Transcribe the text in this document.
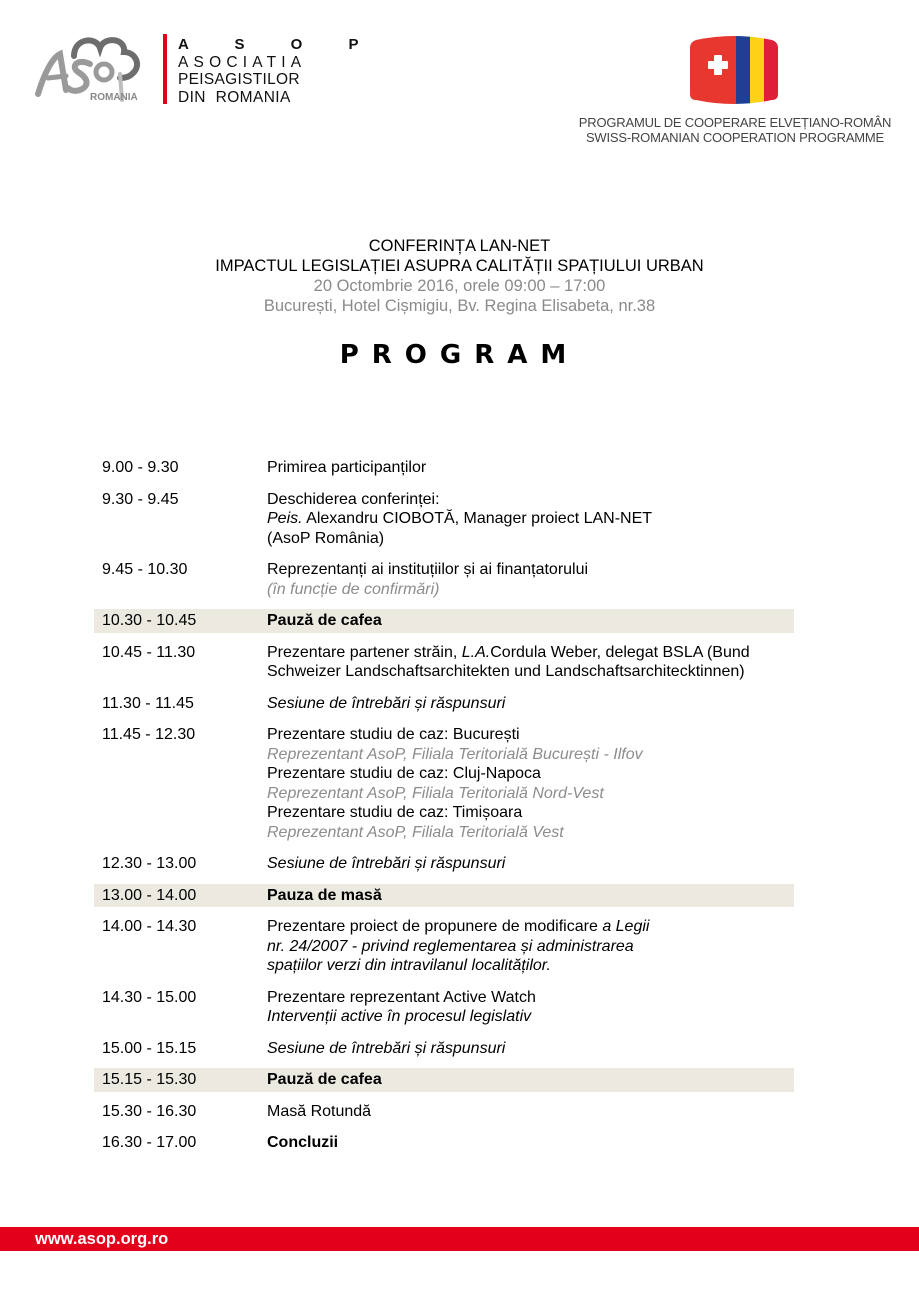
ROMANIA
A S O P
ASOCIATIA
PEISAGISTILOR
DIN ROMANIA
PROGRAMUL DE COOPERARE ELVEȚIANO-ROMÂN
SWISS-ROMANIAN COOPERATION PROGRAMME
CONFERINȚA LAN-NET
IMPACTUL LEGISLAȚIEI ASUPRA CALITĂȚII SPAȚIULUI URBAN
20 Octombrie 2016, orele 09:00 – 17:00
București, Hotel Cișmigiu, Bv. Regina Elisabeta, nr.38
PROGRAM
9.00 - 9.30	Primirea participanților
9.30 - 9.45	Deschiderea conferinței:
Peis. Alexandru CIOBOTĂ, Manager proiect LAN-NET
(AsoP România)
9.45 - 10.30	Reprezentanți ai instituțiilor și ai finanțatorului
(în funcție de confirmări)
10.30 - 10.45	Pauză de cafea
10.45 - 11.30	Prezentare partener străin, L.A.Cordula Weber, delegat BSLA (Bund
Schweizer Landschaftsarchitekten und Landschaftsarchitecktinnen)
11.30 - 11.45	Sesiune de întrebări și răspunsuri
11.45 - 12.30	Prezentare studiu de caz: București
Reprezentant AsoP, Filiala Teritorială București - Ilfov
Prezentare studiu de caz: Cluj-Napoca
Reprezentant AsoP, Filiala Teritorială Nord-Vest
Prezentare studiu de caz: Timișoara
Reprezentant AsoP, Filiala Teritorială Vest
12.30 - 13.00	Sesiune de întrebări și răspunsuri
13.00 - 14.00	Pauza de masă
14.00 - 14.30	Prezentare proiect de propunere de modificare a Legii
nr. 24/2007 - privind reglementarea și administrarea
spațiilor verzi din intravilanul localităților.
14.30 - 15.00	Prezentare reprezentant Active Watch
Intervenții active în procesul legislativ
15.00 - 15.15	Sesiune de întrebări și răspunsuri
15.15 - 15.30	Pauză de cafea
15.30 - 16.30	Masă Rotundă
16.30 - 17.00	Concluzii
www.asop.org.ro
